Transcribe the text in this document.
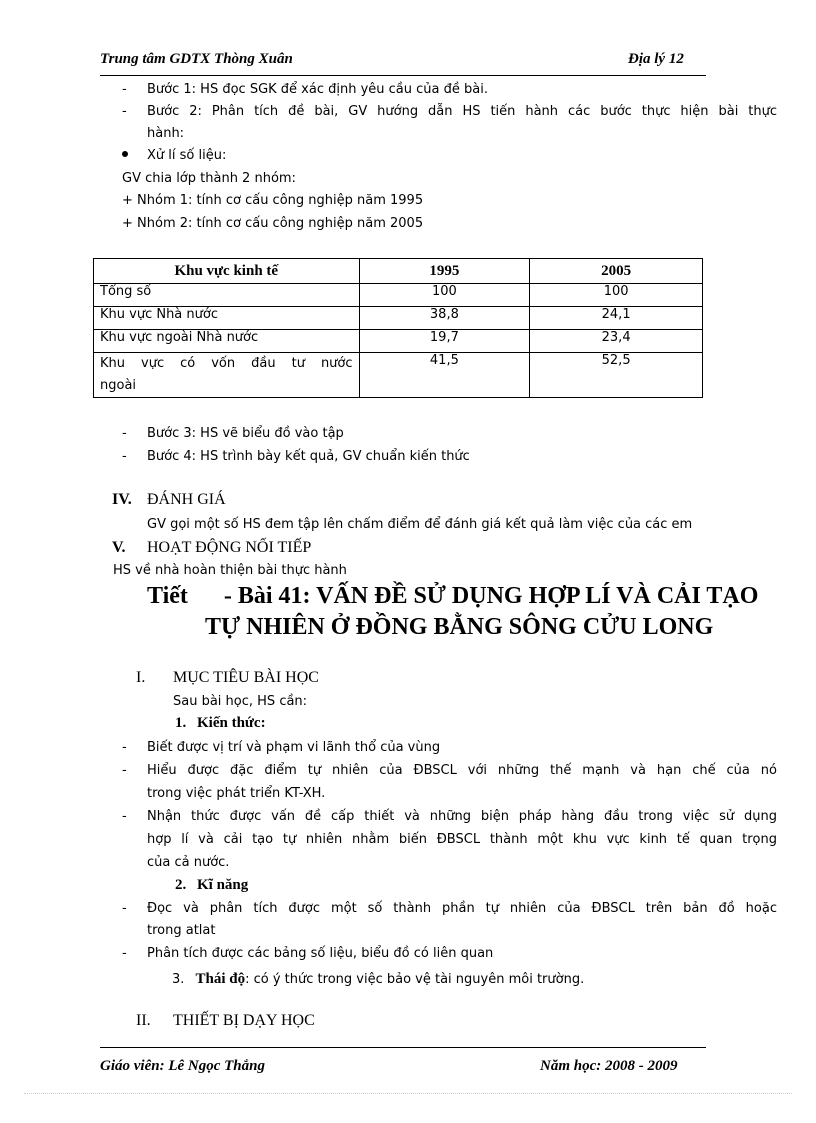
Trung tâm GDTX Thòng Xuân	Địa lý 12
- Bước 1: HS đọc SGK để xác định yêu cầu của đề bài.
- Bước 2: Phân tích đề bài, GV hướng dẫn HS tiến hành các bước thực hiện bài thực
hành:
Xử lí số liệu:
GV chia lớp thành 2 nhóm:
+ Nhóm 1: tính cơ cấu công nghiệp năm 1995
+ Nhóm 2: tính cơ cấu công nghiệp năm 2005
Khu vực kinh tế	1995	2005
Tổng số	100	100
Khu vực Nhà nước	38,8	24,1
Khu vực ngoài Nhà nước	19,7	23,4

Khu vực có vốn đầu tư nước
ngoài	41,5	52,5
- Bước 3: HS vẽ biểu đồ vào tập
- Bước 4: HS trình bày kết quả, GV chuẩn kiến thức
IV. ĐÁNH GIÁ
GV gọi một số HS đem tập lên chấm điểm để đánh giá kết quả làm việc của các em
V. HOẠT ĐỘNG NỐI TIẾP
HS về nhà hoàn thiện bài thực hành
Tiết      - Bài 41: VẤN ĐỀ SỬ DỤNG HỢP LÍ VÀ CẢI TẠO
TỰ NHIÊN Ở ĐỒNG BẰNG SÔNG CỬU LONG
I. MỤC TIÊU BÀI HỌC
Sau bài học, HS cần:
1. Kiến thức:
- Biết được vị trí và phạm vi lãnh thổ của vùng
- Hiểu được đặc điểm tự nhiên của ĐBSCL với những thế mạnh và hạn chế của nó
trong việc phát triển KT-XH.
- Nhận thức được vấn đề cấp thiết và những biện pháp hàng đầu trong việc sử dụng
hợp lí và cải tạo tự nhiên nhằm biến ĐBSCL thành một khu vực kinh tế quan trọng
của cả nước.
2. Kĩ năng
- Đọc và phân tích được một số thành phần tự nhiên của ĐBSCL trên bản đồ hoặc
trong atlat
- Phân tích được các bảng số liệu, biểu đồ có liên quan
3. Thái độ: có ý thức trong việc bảo vệ tài nguyên môi trường.
II. THIẾT BỊ DẠY HỌC
Giáo viên: Lê Ngọc Thắng	Năm học: 2008 - 2009
